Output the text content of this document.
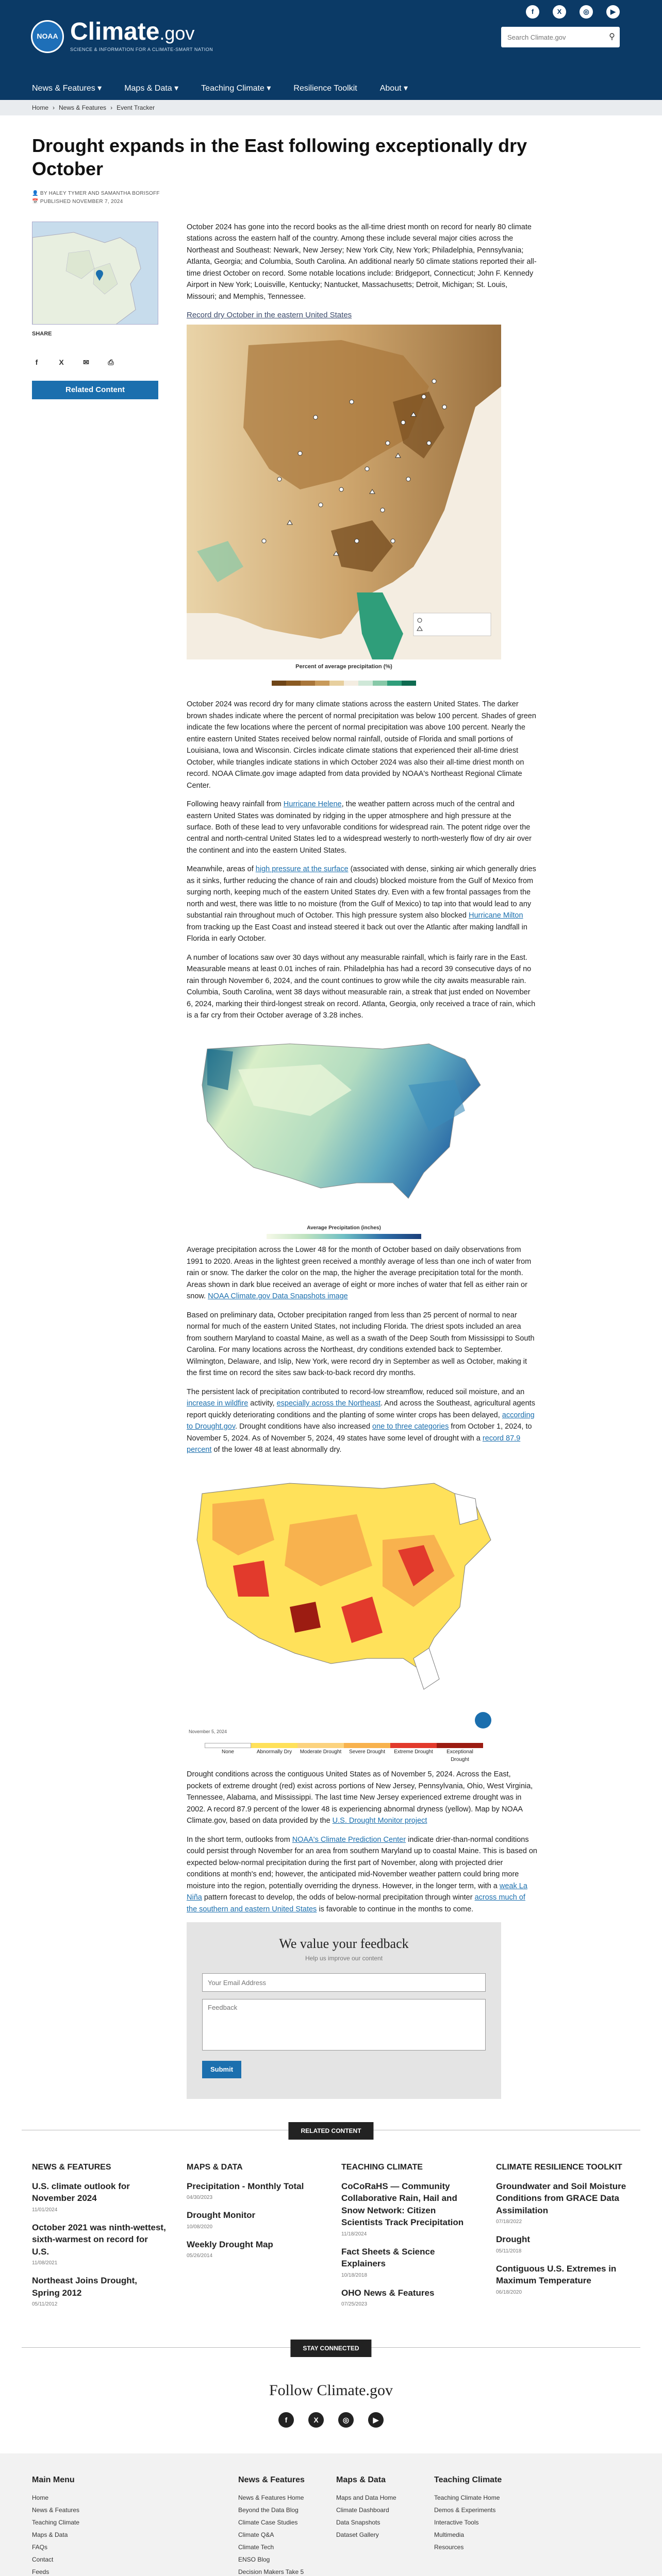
NOAA Climate.gov
SCIENCE & INFORMATION FOR A CLIMATE-SMART NATION
f	X	◎	▶
Search Climate.gov
⚲
News & Features ▾	Maps & Data ▾	Teaching Climate ▾	Resilience Toolkit	About ▾
Home › News & Features › Event Tracker
Drought expands in the East following exceptionally dry October
👤 BY HALEY TYMER AND SAMANTHA BORISOFF
📅 PUBLISHED NOVEMBER 7, 2024
SHARE
f	X	✉	⎙
Related Content

October 2024 has gone into the record books as the all-time driest month on record for nearly 80 climate stations across the eastern half of the country. Among these include several major cities across the Northeast and Southeast: Newark, New Jersey; New York City, New York; Philadelphia, Pennsylvania; Atlanta, Georgia; and Columbia, South Carolina. An additional nearly 50 climate stations reported their all-time driest October on record. Some notable locations include: Bridgeport, Connecticut; John F. Kennedy Airport in New York; Louisville, Kentucky; Nantucket, Massachusetts; Detroit, Michigan; St. Louis, Missouri; and Memphis, Tennessee.

Record dry October in the eastern United States
Percent of average precipitation (%)

October 2024 was record dry for many climate stations across the eastern United States. The darker brown shades indicate where the percent of normal precipitation was below 100 percent. Shades of green indicate the few locations where the percent of normal precipitation was above 100 percent. Nearly the entire eastern United States received below normal rainfall, outside of Florida and small portions of Louisiana, Iowa and Wisconsin. Circles indicate climate stations that experienced their all-time driest October, while triangles indicate stations in which October 2024 was also their all-time driest month on record. NOAA Climate.gov image adapted from data provided by NOAA's Northeast Regional Climate Center.

Following heavy rainfall from Hurricane Helene, the weather pattern across much of the central and eastern United States was dominated by ridging in the upper atmosphere and high pressure at the surface. Both of these lead to very unfavorable conditions for widespread rain. The potent ridge over the central and north-central United States led to a widespread westerly to north-westerly flow of dry air over the continent and into the eastern United States.

Meanwhile, areas of high pressure at the surface (associated with dense, sinking air which generally dries as it sinks, further reducing the chance of rain and clouds) blocked moisture from the Gulf of Mexico from surging north, keeping much of the eastern United States dry. Even with a few frontal passages from the north and west, there was little to no moisture (from the Gulf of Mexico) to tap into that would lead to any substantial rain throughout much of October. This high pressure system also blocked Hurricane Milton from tracking up the East Coast and instead steered it back out over the Atlantic after making landfall in Florida in early October.

A number of locations saw over 30 days without any measurable rainfall, which is fairly rare in the East. Measurable means at least 0.01 inches of rain. Philadelphia has had a record 39 consecutive days of no rain through November 6, 2024, and the count continues to grow while the city awaits measurable rain. Columbia, South Carolina, went 38 days without measurable rain, a streak that just ended on November 6, 2024, marking their third-longest streak on record. Atlanta, Georgia, only received a trace of rain, which is a far cry from their October average of 3.28 inches.

Average Precipitation (inches)

Average precipitation across the Lower 48 for the month of October based on daily observations from 1991 to 2020. Areas in the lightest green received a monthly average of less than one inch of water from rain or snow. The darker the color on the map, the higher the average precipitation total for the month. Areas shown in dark blue received an average of eight or more inches of water that fell as either rain or snow. NOAA Climate.gov Data Snapshots image

Based on preliminary data, October precipitation ranged from less than 25 percent of normal to near normal for much of the eastern United States, not including Florida. The driest spots included an area from southern Maryland to coastal Maine, as well as a swath of the Deep South from Mississippi to South Carolina. For many locations across the Northeast, dry conditions extended back to September. Wilmington, Delaware, and Islip, New York, were record dry in September as well as October, making it the first time on record the sites saw back-to-back record dry months.

The persistent lack of precipitation contributed to record-low streamflow, reduced soil moisture, and an increase in wildfire activity, especially across the Northeast. And across the Southeast, agricultural agents report quickly deteriorating conditions and the planting of some winter crops has been delayed, according to Drought.gov. Drought conditions have also increased one to three categories from October 1, 2024, to November 5, 2024. As of November 5, 2024, 49 states have some level of drought with a record 87.9 percent of the lower 48 at least abnormally dry.

November 5, 2024
None	Abnormally Dry	Moderate Drought	Severe Drought	Extreme Drought	Exceptional Drought

Drought conditions across the contiguous United States as of November 5, 2024. Across the East, pockets of extreme drought (red) exist across portions of New Jersey, Pennsylvania, Ohio, West Virginia, Tennessee, Alabama, and Mississippi. The last time New Jersey experienced extreme drought was in 2002. A record 87.9 percent of the lower 48 is experiencing abnormal dryness (yellow). Map by NOAA Climate.gov, based on data provided by the U.S. Drought Monitor project

In the short term, outlooks from NOAA's Climate Prediction Center indicate drier-than-normal conditions could persist through November for an area from southern Maryland up to coastal Maine. This is based on expected below-normal precipitation during the first part of November, along with projected drier conditions at month's end; however, the anticipated mid-November weather pattern could bring more moisture into the region, potentially overriding the dryness. However, in the longer term, with a weak La Niña pattern forecast to develop, the odds of below-normal precipitation through winter across much of the southern and eastern United States is favorable to continue in the months to come.

We value your feedback
Help us improve our content
Your Email Address Feedback Submit
RELATED CONTENT
NEWS & FEATURES
U.S. climate outlook for November 2024
11/01/2024
October 2021 was ninth-wettest, sixth-warmest on record for U.S.
11/08/2021
Northeast Joins Drought, Spring 2012
05/11/2012
MAPS & DATA
Precipitation - Monthly Total
04/30/2023
Drought Monitor
10/08/2020
Weekly Drought Map
05/26/2014
TEACHING CLIMATE
CoCoRaHS — Community Collaborative Rain, Hail and Snow Network: Citizen Scientists Track Precipitation
11/18/2024
Fact Sheets & Science Explainers
10/18/2018
OHO News & Features
07/25/2023
CLIMATE RESILIENCE TOOLKIT
Groundwater and Soil Moisture Conditions from GRACE Data Assimilation
07/18/2022
Drought
05/11/2018
Contiguous U.S. Extremes in Maximum Temperature
06/18/2020
STAY CONNECTED
Follow Climate.gov
f	X	◎	▶
Main Menu
Home
News & Features
Teaching Climate
Maps & Data
FAQs
Contact
Feeds
News & Features
News & Features Home
Beyond the Data Blog
Climate Case Studies
Climate Q&A
Climate Tech
ENSO Blog
Decision Makers Take 5
Maps & Data
Maps and Data Home
Climate Dashboard
Data Snapshots
Dataset Gallery
Teaching Climate
Teaching Climate Home
Demos & Experiments
Interactive Tools
Multimedia
Resources
